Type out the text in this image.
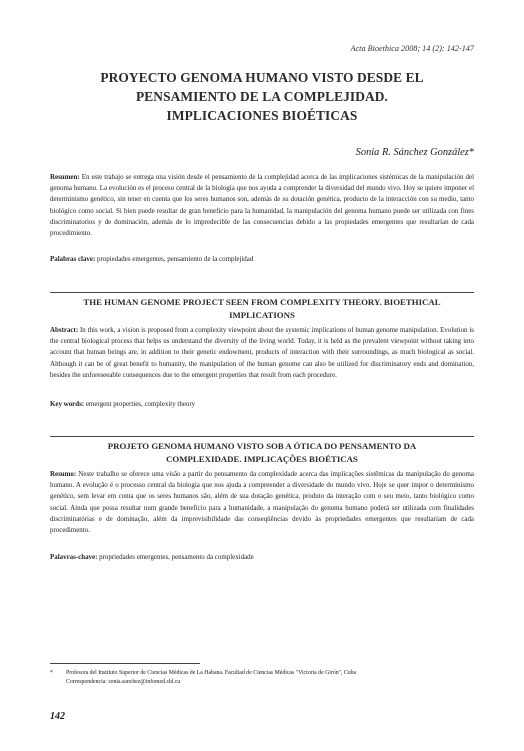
Acta Bioethica 2008; 14 (2): 142-147
PROYECTO GENOMA HUMANO VISTO DESDE EL
PENSAMIENTO DE LA COMPLEJIDAD.
IMPLICACIONES BIOÉTICAS
Sonia R. Sánchez González*
Resumen: En este trabajo se entrega una visión desde el pensamiento de la complejidad acerca de las implicaciones sistémicas de la manipulación del genoma humano. La evolución es el proceso central de la biología que nos ayuda a comprender la diversidad del mundo vivo. Hoy se quiere imponer el determinismo genético, sin tener en cuenta que los seres humanos son, además de su dotación genética, producto de la interacción con su medio, tanto biológico como social. Si bien puede resultar de gran beneficio para la humanidad, la manipulación del genoma humano puede ser utilizada con fines discriminatorios y de dominación, además de lo impredecible de las consecuencias debido a las propiedades emergentes que resultarían de cada procedimiento.
Palabras clave: propiedades emergentes, pensamiento de la complejidad
THE HUMAN GENOME PROJECT SEEN FROM COMPLEXITY THEORY. BIOETHICAL
IMPLICATIONS
Abstract: In this work, a vision is proposed from a complexity viewpoint about the systemic implications of human genome manipulation. Evolution is the central biological process that helps us understand the diversity of the living world. Today, it is held as the prevalent viewpoint without taking into account that human beings are, in addition to their genetic endowment, products of interaction with their surroundings, as much biological as social. Although it can be of great benefit to humanity, the manipulation of the human genome can also be utilized for discriminatory ends and domination, besides the unforeseeable consequences due to the emergent properties that result from each procedure.
Key words: emergent properties, complexity theory
PROJETO GENOMA HUMANO VISTO SOB A ÓTICA DO PENSAMENTO DA
COMPLEXIDADE. IMPLICAÇÕES BIOÉTICAS
Resumo: Neste trabalho se oferece uma visão a partir do pensamento da complexidade acerca das implicações sistêmicas da manipulação do genoma humano. A evolução é o processo central da biologia que nos ajuda a compreender a diversidade do mundo vivo. Hoje se quer impor o determinismo genético, sem levar em conta que os seres humanos são, além de sua dotação genética, produto da interação com o seu meio, tanto biológico como social. Ainda que possa resultar num grande benefício para a humanidade, a manipulação do genoma humano poderá ser utilizada com finalidades discriminatórias e de dominação, além da imprevisibilidade das conseqüências devido às propriedades emergentes que resultariam de cada procedimento.
Palavras-chave: propriedades emergentes, pensamento da complexidade
* Profesora del Instituto Superior de Ciencias Médicas de La Habana. Facultad de Ciencias Médicas "Victoria de Girón", Cuba
Correspondencia: sonia.sanchez@infomed.sld.cu
142
